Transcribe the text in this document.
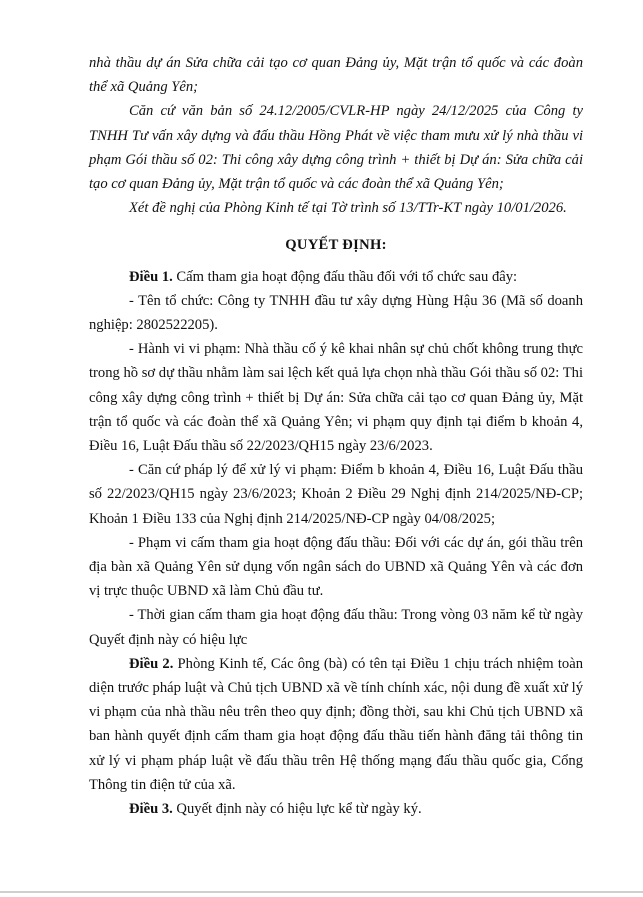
nhà thầu dự án Sửa chữa cải tạo cơ quan Đảng ủy, Mặt trận tổ quốc và các đoàn thể xã Quảng Yên;

Căn cứ văn bản số 24.12/2005/CVLR-HP ngày 24/12/2025 của Công ty TNHH Tư vấn xây dựng và đấu thầu Hồng Phát về việc tham mưu xử lý nhà thầu vi phạm Gói thầu số 02: Thi công xây dựng công trình + thiết bị Dự án: Sửa chữa cải tạo cơ quan Đảng ủy, Mặt trận tổ quốc và các đoàn thể xã Quảng Yên;

Xét đề nghị của Phòng Kinh tế tại Tờ trình số 13/TTr-KT ngày 10/01/2026.

QUYẾT ĐỊNH:

Điều 1. Cấm tham gia hoạt động đấu thầu đối với tổ chức sau đây:

- Tên tổ chức: Công ty TNHH đầu tư xây dựng Hùng Hậu 36 (Mã số doanh nghiệp: 2802522205).

- Hành vi vi phạm: Nhà thầu cố ý kê khai nhân sự chủ chốt không trung thực trong hồ sơ dự thầu nhằm làm sai lệch kết quả lựa chọn nhà thầu Gói thầu số 02: Thi công xây dựng công trình + thiết bị Dự án: Sửa chữa cải tạo cơ quan Đảng ủy, Mặt trận tổ quốc và các đoàn thể xã Quảng Yên; vi phạm quy định tại điểm b khoản 4, Điều 16, Luật Đấu thầu số 22/2023/QH15 ngày 23/6/2023.

- Căn cứ pháp lý để xử lý vi phạm: Điểm b khoản 4, Điều 16, Luật Đấu thầu số 22/2023/QH15 ngày 23/6/2023; Khoản 2 Điều 29 Nghị định 214/2025/NĐ-CP; Khoản 1 Điều 133 của Nghị định 214/2025/NĐ-CP ngày 04/08/2025;

- Phạm vi cấm tham gia hoạt động đấu thầu: Đối với các dự án, gói thầu trên địa bàn xã Quảng Yên sử dụng vốn ngân sách do UBND xã Quảng Yên và các đơn vị trực thuộc UBND xã làm Chủ đầu tư.

- Thời gian cấm tham gia hoạt động đấu thầu: Trong vòng 03 năm kể từ ngày Quyết định này có hiệu lực

Điều 2. Phòng Kinh tế, Các ông (bà) có tên tại Điều 1 chịu trách nhiệm toàn diện trước pháp luật và Chủ tịch UBND xã về tính chính xác, nội dung đề xuất xử lý vi phạm của nhà thầu nêu trên theo quy định; đồng thời, sau khi Chủ tịch UBND xã ban hành quyết định cấm tham gia hoạt động đấu thầu tiến hành đăng tải thông tin xử lý vi phạm pháp luật về đấu thầu trên Hệ thống mạng đấu thầu quốc gia, Cổng Thông tin điện tử của xã.

Điều 3. Quyết định này có hiệu lực kể từ ngày ký.
